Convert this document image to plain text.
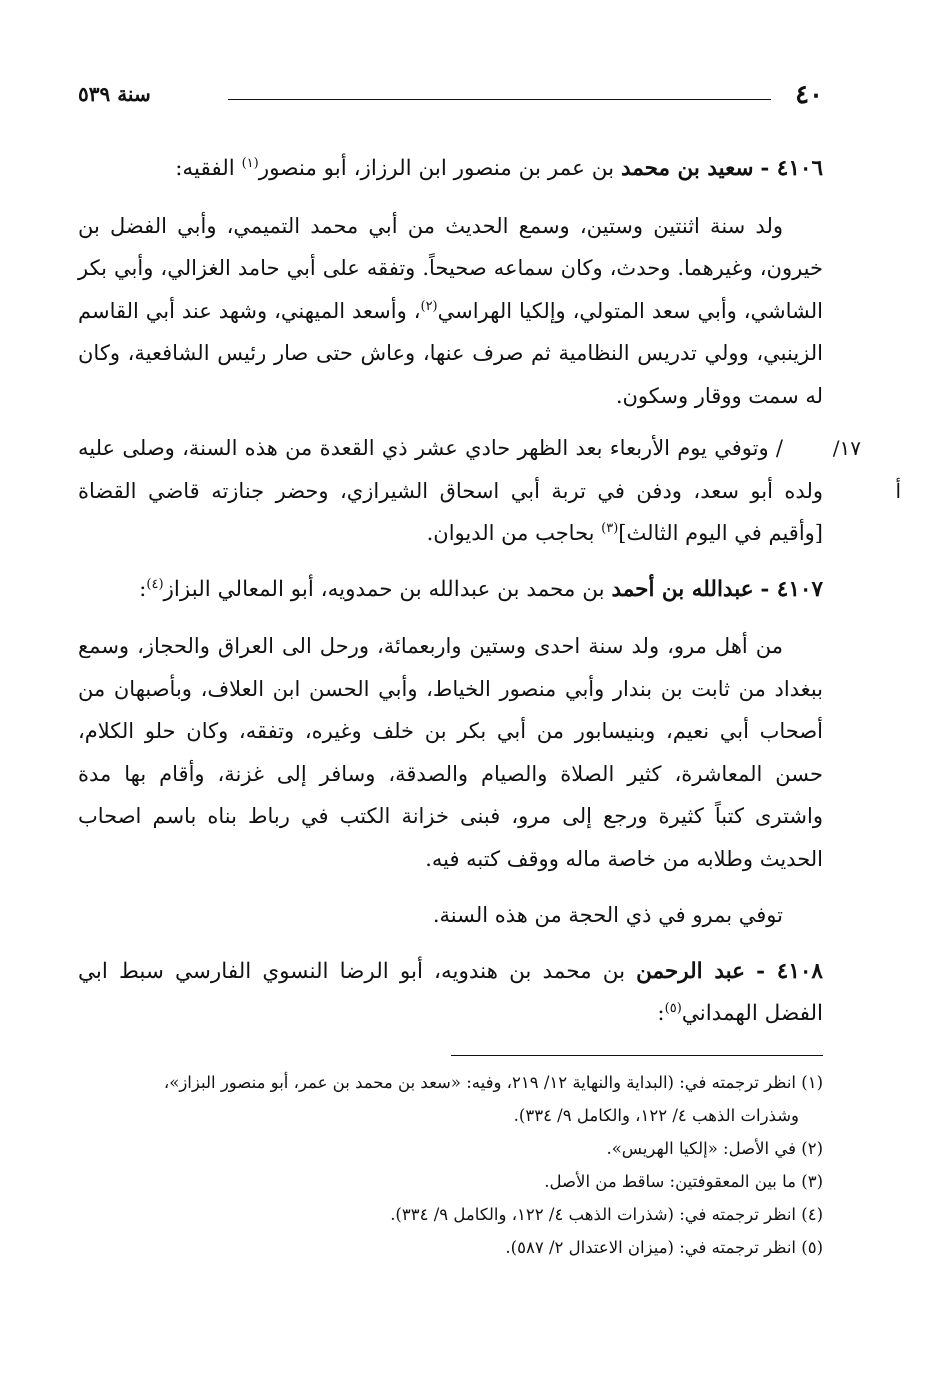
٤٠
سنة ٥٣٩

٤١٠٦ - سعيد بن محمد بن عمر بن منصور ابن الرزاز، أبو منصور$^{(١)}$ الفقيه:

ولد سنة اثنتين وستين، وسمع الحديث من أبي محمد التميمي، وأبي الفضل بن خيرون، وغيرهما. وحدث، وكان سماعه صحيحاً. وتفقه على أبي حامد الغزالي، وأبي بكر الشاشي، وأبي سعد المتولي، وإلكيا الهراسي$^{(٢)}$، وأسعد الميهني، وشهد عند أبي القاسم الزينبي، وولي تدريس النظامية ثم صرف عنها، وعاش حتى صار رئيس الشافعية، وكان له سمت ووقار وسكون.

١٧/أ
/ وتوفي يوم الأربعاء بعد الظهر حادي عشر ذي القعدة من هذه السنة، وصلى عليه ولده أبو سعد، ودفن في تربة أبي اسحاق الشيرازي، وحضر جنازته قاضي القضاة [وأقيم في اليوم الثالث]$^{(٣)}$ بحاجب من الديوان.

٤١٠٧ - عبدالله بن أحمد بن محمد بن عبدالله بن حمدويه، أبو المعالي البزاز$^{(٤)}$:

من أهل مرو، ولد سنة احدى وستين واربعمائة، ورحل الى العراق والحجاز، وسمع ببغداد من ثابت بن بندار وأبي منصور الخياط، وأبي الحسن ابن العلاف، وبأصبهان من أصحاب أبي نعيم، وبنيسابور من أبي بكر بن خلف وغيره، وتفقه، وكان حلو الكلام، حسن المعاشرة، كثير الصلاة والصيام والصدقة، وسافر إلى غزنة، وأقام بها مدة واشترى كتباً كثيرة ورجع إلى مرو، فبنى خزانة الكتب في رباط بناه باسم اصحاب الحديث وطلابه من خاصة ماله ووقف كتبه فيه.

توفي بمرو في ذي الحجة من هذه السنة.

٤١٠٨ - عبد الرحمن بن محمد بن هندويه، أبو الرضا النسوي الفارسي سبط ابي الفضل الهمداني$^{(٥)}$:

(١) انظر ترجمته في: (البداية والنهاية ١٢/ ٢١٩، وفيه: «سعد بن محمد بن عمر، أبو منصور البزاز»،

وشذرات الذهب ٤/ ١٢٢، والكامل ٩/ ٣٣٤).

(٢) في الأصل: «إلكيا الهريس».

(٣) ما بين المعقوفتين: ساقط من الأصل.

(٤) انظر ترجمته في: (شذرات الذهب ٤/ ١٢٢، والكامل ٩/ ٣٣٤).

(٥) انظر ترجمته في: (ميزان الاعتدال ٢/ ٥٨٧).
